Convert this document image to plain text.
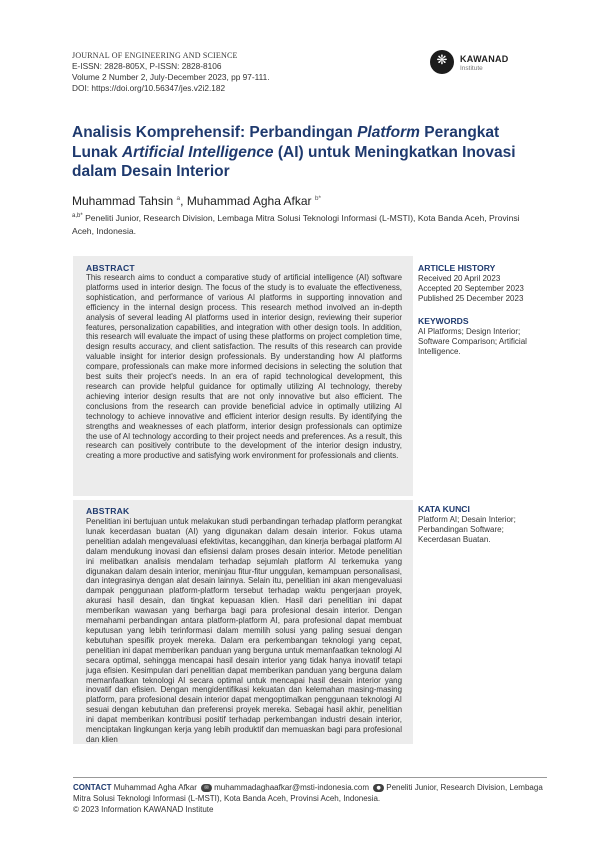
JOURNAL OF ENGINEERING AND SCIENCE
E-ISSN: 2828-805X, P-ISSN: 2828-8106
Volume 2 Number 2, July-December 2023, pp 97-111.
DOI: https://doi.org/10.56347/jes.v2i2.182
❋	KAWANAD
Institute
Analisis Komprehensif: Perbandingan Platform Perangkat Lunak Artificial Intelligence (AI) untuk Meningkatkan Inovasi dalam Desain Interior
Muhammad Tahsin $^a$, Muhammad Agha Afkar $^{b*}$
$^{a,b*}$ Peneliti Junior, Research Division, Lembaga Mitra Solusi Teknologi Informasi (L-MSTI), Kota Banda Aceh, Provinsi Aceh, Indonesia.
ABSTRACT
This research aims to conduct a comparative study of artificial intelligence (AI) software platforms used in interior design. The focus of the study is to evaluate the effectiveness, sophistication, and performance of various AI platforms in supporting innovation and efficiency in the internal design process. This research method involved an in-depth analysis of several leading AI platforms used in interior design, reviewing their superior features, personalization capabilities, and integration with other design tools. In addition, this research will evaluate the impact of using these platforms on project completion time, design results accuracy, and client satisfaction. The results of this research can provide valuable insight for interior design professionals. By understanding how AI platforms compare, professionals can make more informed decisions in selecting the solution that best suits their project's needs. In an era of rapid technological development, this research can provide helpful guidance for optimally utilizing AI technology, thereby achieving interior design results that are not only innovative but also efficient. The conclusions from the research can provide beneficial advice in optimally utilizing AI technology to achieve innovative and efficient interior design results. By identifying the strengths and weaknesses of each platform, interior design professionals can optimize the use of AI technology according to their project needs and preferences. As a result, this research can positively contribute to the development of the interior design industry, creating a more productive and satisfying work environment for professionals and clients.
ABSTRAK
Penelitian ini bertujuan untuk melakukan studi perbandingan terhadap platform perangkat lunak kecerdasan buatan (AI) yang digunakan dalam desain interior. Fokus utama penelitian adalah mengevaluasi efektivitas, kecanggihan, dan kinerja berbagai platform AI dalam mendukung inovasi dan efisiensi dalam proses desain interior. Metode penelitian ini melibatkan analisis mendalam terhadap sejumlah platform AI terkemuka yang digunakan dalam desain interior, meninjau fitur-fitur unggulan, kemampuan personalisasi, dan integrasinya dengan alat desain lainnya. Selain itu, penelitian ini akan mengevaluasi dampak penggunaan platform-platform tersebut terhadap waktu pengerjaan proyek, akurasi hasil desain, dan tingkat kepuasan klien. Hasil dari penelitian ini dapat memberikan wawasan yang berharga bagi para profesional desain interior. Dengan memahami perbandingan antara platform-platform AI, para profesional dapat membuat keputusan yang lebih terinformasi dalam memilih solusi yang paling sesuai dengan kebutuhan spesifik proyek mereka. Dalam era perkembangan teknologi yang cepat, penelitian ini dapat memberikan panduan yang berguna untuk memanfaatkan teknologi AI secara optimal, sehingga mencapai hasil desain interior yang tidak hanya inovatif tetapi juga efisien. Kesimpulan dari penelitian dapat memberikan panduan yang berguna dalam memanfaatkan teknologi AI secara optimal untuk mencapai hasil desain interior yang inovatif dan efisien. Dengan mengidentifikasi kekuatan dan kelemahan masing-masing platform, para profesional desain interior dapat mengoptimalkan penggunaan teknologi AI sesuai dengan kebutuhan dan preferensi proyek mereka. Sebagai hasil akhir, penelitian ini dapat memberikan kontribusi positif terhadap perkembangan industri desain interior, menciptakan lingkungan kerja yang lebih produktif dan memuaskan bagi para profesional dan klien
ARTICLE HISTORY
Received 20 April 2023
Accepted 20 September 2023
Published 25 December 2023
KEYWORDS
AI Platforms; Design Interior; Software Comparison; Artificial Intelligence.
KATA KUNCI
Platform AI; Desain Interior; Perbandingan Software; Kecerdasan Buatan.
CONTACT Muhammad Agha Afkar ✉ muhammadaghaafkar@msti-indonesia.com ● Peneliti Junior, Research Division, Lembaga Mitra Solusi Teknologi Informasi (L-MSTI), Kota Banda Aceh, Provinsi Aceh, Indonesia.
© 2023 Information KAWANAD Institute
